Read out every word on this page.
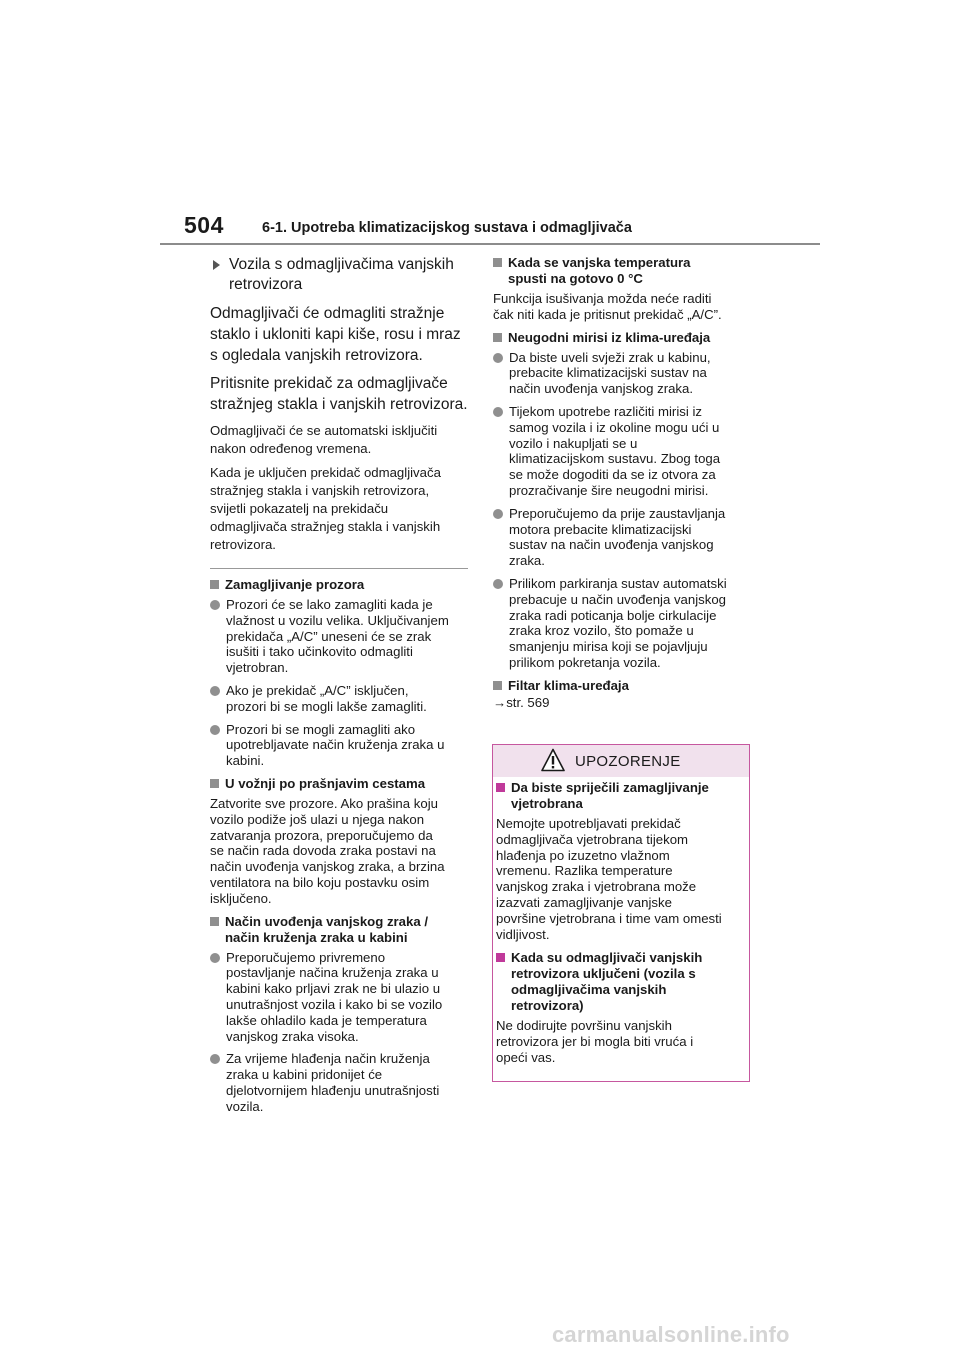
504	6-1. Upotreba klimatizacijskog sustava i odmagljivača
Vozila s odmagljivačima vanjskih
retrovizora
Odmagljivači će odmagliti stražnje
staklo i ukloniti kapi kiše, rosu i mraz
s ogledala vanjskih retrovizora.
Pritisnite prekidač za odmagljivače
stražnjeg stakla i vanjskih retrovizora.
Odmagljivači će se automatski isključiti
nakon određenog vremena.
Kada je uključen prekidač odmagljivača
stražnjeg stakla i vanjskih retrovizora,
svijetli pokazatelj na prekidaču
odmagljivača stražnjeg stakla i vanjskih
retrovizora.
Zamagljivanje prozora
Prozori će se lako zamagliti kada je
vlažnost u vozilu velika. Uključivanjem
prekidača „A/C” uneseni će se zrak
isušiti i tako učinkovito odmagliti
vjetrobran.
Ako je prekidač „A/C” isključen,
prozori bi se mogli lakše zamagliti.
Prozori bi se mogli zamagliti ako
upotrebljavate način kruženja zraka u
kabini.
U vožnji po prašnjavim cestama
Zatvorite sve prozore. Ako prašina koju
vozilo podiže još ulazi u njega nakon
zatvaranja prozora, preporučujemo da
se način rada dovoda zraka postavi na
način uvođenja vanjskog zraka, a brzina
ventilatora na bilo koju postavku osim
isključeno.
Način uvođenja vanjskog zraka /
način kruženja zraka u kabini
Preporučujemo privremeno
postavljanje načina kruženja zraka u
kabini kako prljavi zrak ne bi ulazio u
unutrašnjost vozila i kako bi se vozilo
lakše ohladilo kada je temperatura
vanjskog zraka visoka.
Za vrijeme hlađenja način kruženja
zraka u kabini pridonijet će
djelotvornijem hlađenju unutrašnjosti
vozila.
Kada se vanjska temperatura
spusti na gotovo 0 °C
Funkcija isušivanja možda neće raditi
čak niti kada je pritisnut prekidač „A/C”.
Neugodni mirisi iz klima-uređaja
Da biste uveli svježi zrak u kabinu,
prebacite klimatizacijski sustav na
način uvođenja vanjskog zraka.
Tijekom upotrebe različiti mirisi iz
samog vozila i iz okoline mogu ući u
vozilo i nakupljati se u
klimatizacijskom sustavu. Zbog toga
se može dogoditi da se iz otvora za
prozračivanje šire neugodni mirisi.
Preporučujemo da prije zaustavljanja
motora prebacite klimatizacijski
sustav na način uvođenja vanjskog
zraka.
Prilikom parkiranja sustav automatski
prebacuje u način uvođenja vanjskog
zraka radi poticanja bolje cirkulacije
zraka kroz vozilo, što pomaže u
smanjenju mirisa koji se pojavljuju
prilikom pokretanja vozila.
Filtar klima-uređaja
→str. 569
UPOZORENJE
Da biste spriječili zamagljivanje
vjetrobrana
Nemojte upotrebljavati prekidač
odmagljivača vjetrobrana tijekom
hlađenja po izuzetno vlažnom
vremenu. Razlika temperature
vanjskog zraka i vjetrobrana može
izazvati zamagljivanje vanjske
površine vjetrobrana i time vam omesti
vidljivost.
Kada su odmagljivači vanjskih
retrovizora uključeni (vozila s
odmagljivačima vanjskih
retrovizora)
Ne dodirujte površinu vanjskih
retrovizora jer bi mogla biti vruća i
opeći vas.
carmanualsonline.info
